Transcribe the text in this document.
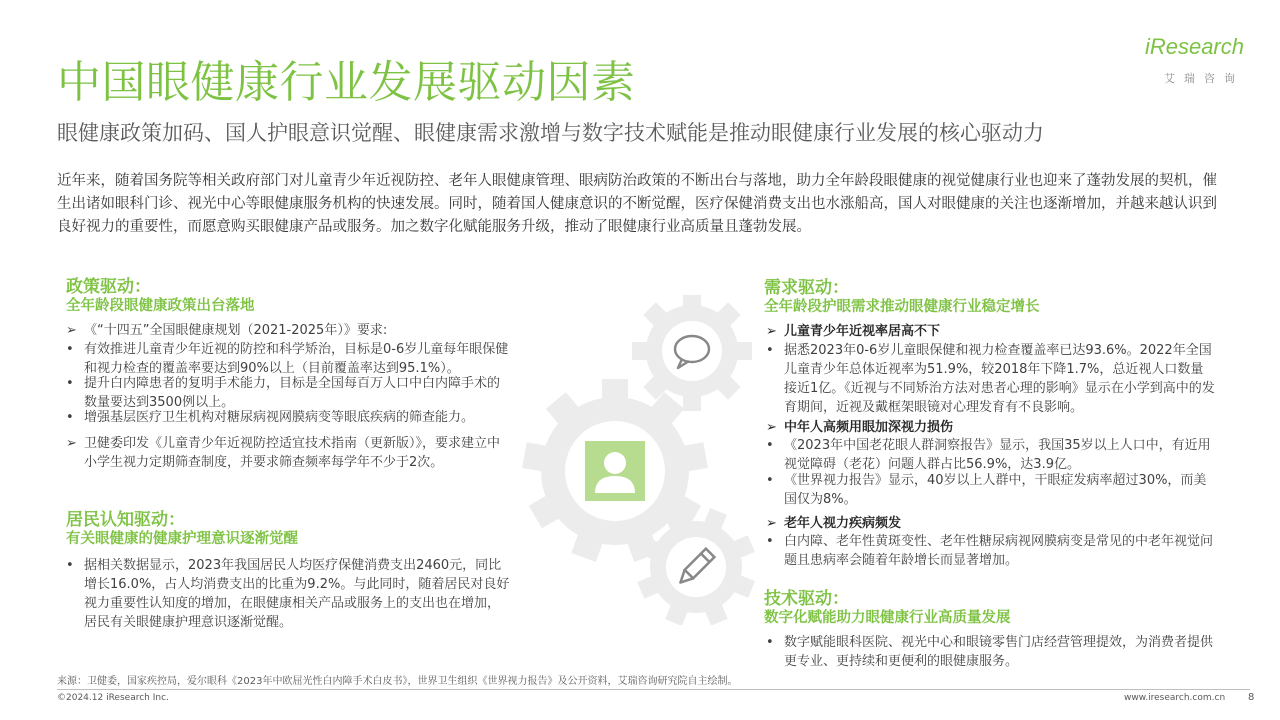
中国眼健康行业发展驱动因素
眼健康政策加码、国人护眼意识觉醒、眼健康需求激增与数字技术赋能是推动眼健康行业发展的核心驱动力
iResearch
艾瑞咨询
近年来，随着国务院等相关政府部门对儿童青少年近视防控、老年人眼健康管理、眼病防治政策的不断出台与落地，助力全年龄段眼健康的视觉健康行业也迎来了蓬勃发展的契机，催生出诸如眼科门诊、视光中心等眼健康服务机构的快速发展。同时，随着国人健康意识的不断觉醒，医疗保健消费支出也水涨船高，国人对眼健康的关注也逐渐增加，并越来越认识到良好视力的重要性，而愿意购买眼健康产品或服务。加之数字化赋能服务升级，推动了眼健康行业高质量且蓬勃发展。
政策驱动：
全年龄段眼健康政策出台落地
➢ 《“十四五”全国眼健康规划（2021-2025年）》要求:
• 有效推进儿童青少年近视的防控和科学矫治，目标是0-6岁儿童每年眼保健和视力检查的覆盖率要达到90%以上（目前覆盖率达到95.1%）。
• 提升白内障患者的复明手术能力，目标是全国每百万人口中白内障手术的数量要达到3500例以上。
• 增强基层医疗卫生机构对糖尿病视网膜病变等眼底疾病的筛查能力。
➢ 卫健委印发《儿童青少年近视防控适宜技术指南（更新版）》，要求建立中小学生视力定期筛查制度，并要求筛查频率每学年不少于2次。
居民认知驱动：
有关眼健康的健康护理意识逐渐觉醒
• 据相关数据显示，2023年我国居民人均医疗保健消费支出2460元，同比增长16.0%，占人均消费支出的比重为9.2%。与此同时，随着居民对良好视力重要性认知度的增加，在眼健康相关产品或服务上的支出也在增加，居民有关眼健康护理意识逐渐觉醒。
需求驱动：
全年龄段护眼需求推动眼健康行业稳定增长
➢ 儿童青少年近视率居高不下
• 据悉2023年0-6岁儿童眼保健和视力检查覆盖率已达93.6%。2022年全国儿童青少年总体近视率为51.9%，较2018年下降1.7%，总近视人口数量接近1亿。《近视与不同矫治方法对患者心理的影响》显示在小学到高中的发育期间，近视及戴框架眼镜对心理发育有不良影响。
➢ 中年人高频用眼加深视力损伤
• 《2023年中国老花眼人群洞察报告》显示，我国35岁以上人口中，有近用视觉障碍（老花）问题人群占比56.9%，达3.9亿。
• 《世界视力报告》显示，40岁以上人群中，干眼症发病率超过30%，而美国仅为8%。
➢ 老年人视力疾病频发
• 白内障、老年性黄斑变性、老年性糖尿病视网膜病变是常见的中老年视觉问题且患病率会随着年龄增长而显著增加。
技术驱动：
数字化赋能助力眼健康行业高质量发展
• 数字赋能眼科医院、视光中心和眼镜零售门店经营管理提效，为消费者提供更专业、更持续和更便利的眼健康服务。
来源：卫健委，国家疾控局，爱尔眼科《2023年中欧屈光性白内障手术白皮书》，世界卫生组织《世界视力报告》及公开资料，艾瑞咨询研究院自主绘制。
©2024.12 iResearch Inc.	www.iresearch.com.cn 8
